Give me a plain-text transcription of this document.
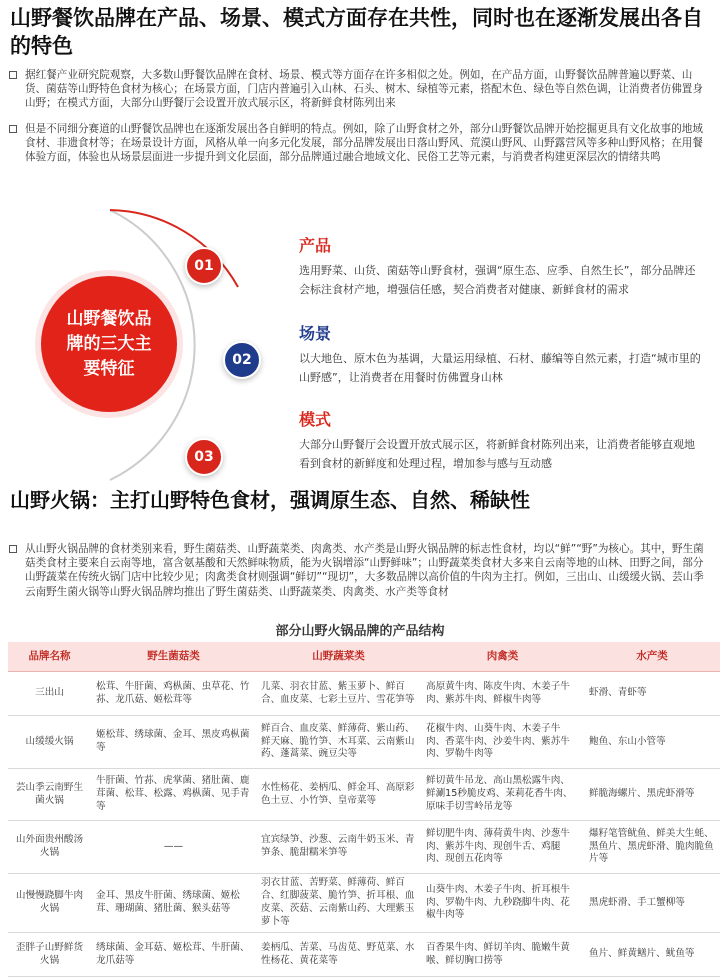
山野餐饮品牌在产品、场景、模式方面存在共性，同时也在逐渐发展出各自的特色
据红餐产业研究院观察，大多数山野餐饮品牌在食材、场景、模式等方面存在许多相似之处。例如，在产品方面，山野餐饮品牌普遍以野菜、山货、菌菇等山野特色食材为核心；在场景方面，门店内普遍引入山林、石头、树木、绿植等元素，搭配木色、绿色等自然色调，让消费者仿佛置身山野；在模式方面，大部分山野餐厅会设置开放式展示区，将新鲜食材陈列出来
但是不同细分赛道的山野餐饮品牌也在逐渐发展出各自鲜明的特点。例如，除了山野食材之外，部分山野餐饮品牌开始挖掘更具有文化故事的地域食材、非遗食材等；在场景设计方面，风格从单一向多元化发展，部分品牌发展出日落山野风、荒漠山野风、山野露营风等多种山野风格；在用餐体验方面，体验也从场景层面进一步提升到文化层面，部分品牌通过融合地域文化、民俗工艺等元素，与消费者构建更深层次的情绪共鸣
山野餐饮品牌的三大主要特征
01
02
03
产品
选用野菜、山货、菌菇等山野食材，强调“原生态、应季、自然生长”，部分品牌还会标注食材产地，增强信任感，契合消费者对健康、新鲜食材的需求
场景
以大地色、原木色为基调，大量运用绿植、石材、藤编等自然元素，打造“城市里的山野感”，让消费者在用餐时仿佛置身山林
模式
大部分山野餐厅会设置开放式展示区，将新鲜食材陈列出来，让消费者能够直观地看到食材的新鲜度和处理过程，增加参与感与互动感
山野火锅：主打山野特色食材，强调原生态、自然、稀缺性
从山野火锅品牌的食材类别来看，野生菌菇类、山野蔬菜类、肉禽类、水产类是山野火锅品牌的标志性食材，均以“鲜”“野”为核心。其中，野生菌菇类食材主要来自云南等地，富含氨基酸和天然鲜味物质，能为火锅增添“山野鲜味”；山野蔬菜类食材大多来自云南等地的山林、田野之间，部分山野蔬菜在传统火锅门店中比较少见；肉禽类食材则强调“鲜切”“现切”，大多数品牌以高价值的牛肉为主打。例如，三出山、山缓缓火锅、芸山季云南野生菌火锅等山野火锅品牌均推出了野生菌菇类、山野蔬菜类、肉禽类、水产类等食材
部分山野火锅品牌的产品结构
品牌名称	野生菌菇类	山野蔬菜类	肉禽类	水产类
三出山	松茸、牛肝菌、鸡枞菌、虫草花、竹荪、龙爪菇、姬松茸等	儿菜、羽衣甘蓝、紫玉萝卜、鲜百合、血皮菜、七彩土豆片、雪花笋等	高原黄牛肉、陈皮牛肉、木姜子牛肉、紫苏牛肉、鲜椒牛肉等	虾滑、青虾等
山缓缓火锅	姬松茸、绣球菌、金耳、黑皮鸡枞菌等	鲜百合、血皮菜、鲜薄荷、紫山药、鲜天麻、脆竹笋、木耳菜、云南紫山药、蓬蒿菜、豌豆尖等	花椒牛肉、山葵牛肉、木姜子牛肉、香菜牛肉、沙姜牛肉、紫苏牛肉、罗勒牛肉等	鲍鱼、东山小管等
芸山季云南野生菌火锅	牛肝菌、竹荪、虎掌菌、猪肚菌、鹿茸菌、松茸、松露、鸡枞菌、见手青等	水性杨花、姜柄瓜、鲜金耳、高原彩色土豆、小竹笋、皇帝菜等	鲜切黄牛吊龙、高山黑松露牛肉、鲜涮15秒脆皮鸡、茉莉花香牛肉、原味手切雪岭吊龙等	鲜脆海螺片、黑虎虾滑等
山外面贵州酸汤火锅	——	宜宾绿笋、沙葱、云南牛奶玉米、青笋条、脆甜糯米笋等	鲜切肥牛肉、薄荷黄牛肉、沙葱牛肉、紫苏牛肉、现创牛舌、鸡腿肉、现创五花肉等	爆籽笔管鱿鱼、鲜美大生蚝、黑鱼片、黑虎虾滑、脆肉脆鱼片等
山慢慢跷脚牛肉火锅	金耳、黑皮牛肝菌、绣球菌、姬松茸、珊瑚菌、猪肚菌、猴头菇等	羽衣甘蓝、苦野菜、鲜薄荷、鲜百合、红脚菠菜、脆竹笋、折耳根、血皮菜、茨菇、云南紫山药、大理紫玉萝卜等	山葵牛肉、木姜子牛肉、折耳根牛肉、罗勒牛肉、九秒跷脚牛肉、花椒牛肉等	黑虎虾滑、手工蟹柳等
歪胖子山野鲜货火锅	绣球菌、金耳菇、姬松茸、牛肝菌、龙爪菇等	姜柄瓜、苦菜、马齿苋、野苋菜、水性杨花、黄花菜等	百香果牛肉、鲜切羊肉、脆嫩牛黄喉、鲜切胸口捞等	鱼片、鲜黄鳝片、鱿鱼等
